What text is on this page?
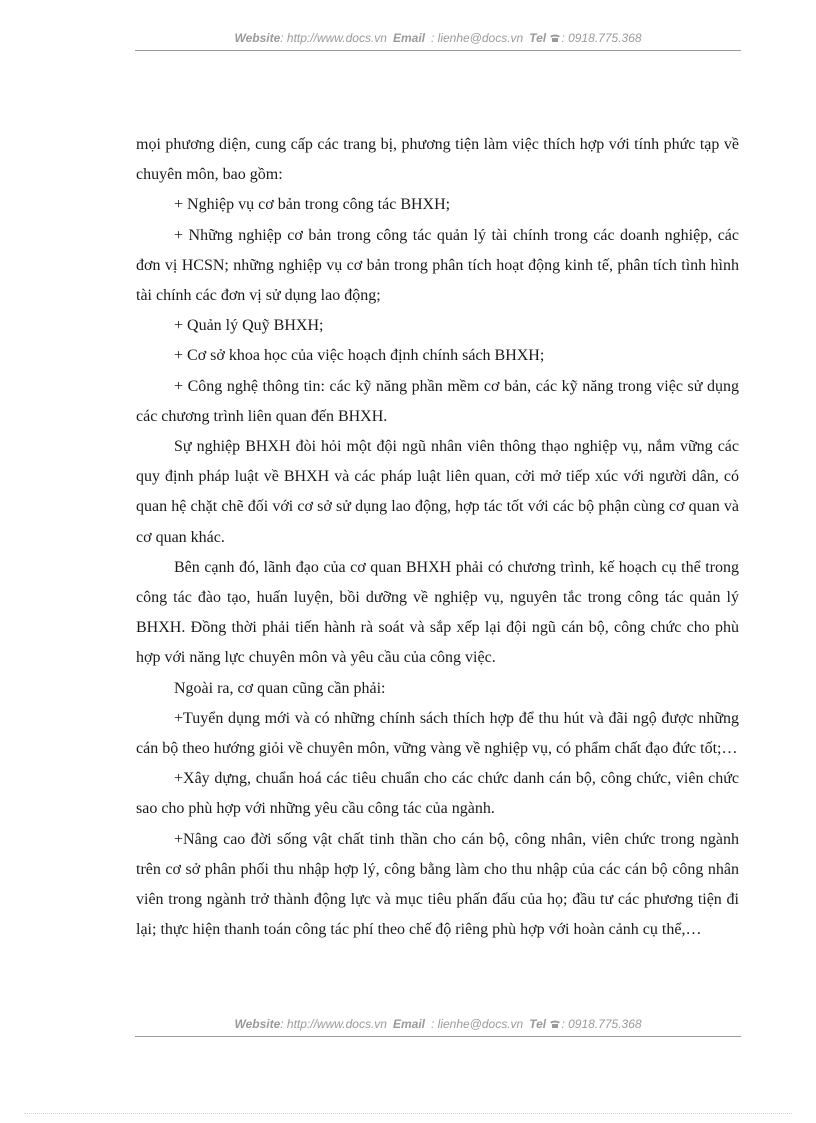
Website: http://www.docs.vn Email : lienhe@docs.vn Tel : 0918.775.368

mọi phương diện, cung cấp các trang bị, phương tiện làm việc thích hợp với tính phức tạp về chuyên môn, bao gồm:

+ Nghiệp vụ cơ bản trong công tác BHXH;

+ Những nghiệp cơ bản trong công tác quản lý tài chính trong các doanh nghiệp, các đơn vị HCSN; những nghiệp vụ cơ bản trong phân tích hoạt động kinh tế, phân tích tình hình tài chính các đơn vị sử dụng lao động;

+ Quản lý Quỹ BHXH;

+ Cơ sở khoa học của việc hoạch định chính sách BHXH;

+ Công nghệ thông tin: các kỹ năng phần mềm cơ bản, các kỹ năng trong việc sử dụng các chương trình liên quan đến BHXH.

Sự nghiệp BHXH đòi hỏi một đội ngũ nhân viên thông thạo nghiệp vụ, nắm vững các quy định pháp luật về BHXH và các pháp luật liên quan, cởi mở tiếp xúc với người dân, có quan hệ chặt chẽ đối với cơ sở sử dụng lao động, hợp tác tốt với các bộ phận cùng cơ quan và cơ quan khác.

Bên cạnh đó, lãnh đạo của cơ quan BHXH phải có chương trình, kế hoạch cụ thể trong công tác đào tạo, huấn luyện, bồi dưỡng về nghiệp vụ, nguyên tắc trong công tác quản lý BHXH. Đồng thời phải tiến hành rà soát và sắp xếp lại đội ngũ cán bộ, công chức cho phù hợp với năng lực chuyên môn và yêu cầu của công việc.

Ngoài ra, cơ quan cũng cần phải:

+Tuyển dụng mới và có những chính sách thích hợp để thu hút và đãi ngộ được những cán bộ theo hướng giỏi về chuyên môn, vững vàng về nghiệp vụ, có phẩm chất đạo đức tốt;…

+Xây dựng, chuẩn hoá các tiêu chuẩn cho các chức danh cán bộ, công chức, viên chức sao cho phù hợp với những yêu cầu công tác của ngành.

+Nâng cao đời sống vật chất tinh thần cho cán bộ, công nhân, viên chức trong ngành trên cơ sở phân phối thu nhập hợp lý, công bằng làm cho thu nhập của các cán bộ công nhân viên trong ngành trở thành động lực và mục tiêu phấn đấu của họ; đầu tư các phương tiện đi lại; thực hiện thanh toán công tác phí theo chế độ riêng phù hợp với hoàn cảnh cụ thể,…

Website: http://www.docs.vn Email : lienhe@docs.vn Tel : 0918.775.368
